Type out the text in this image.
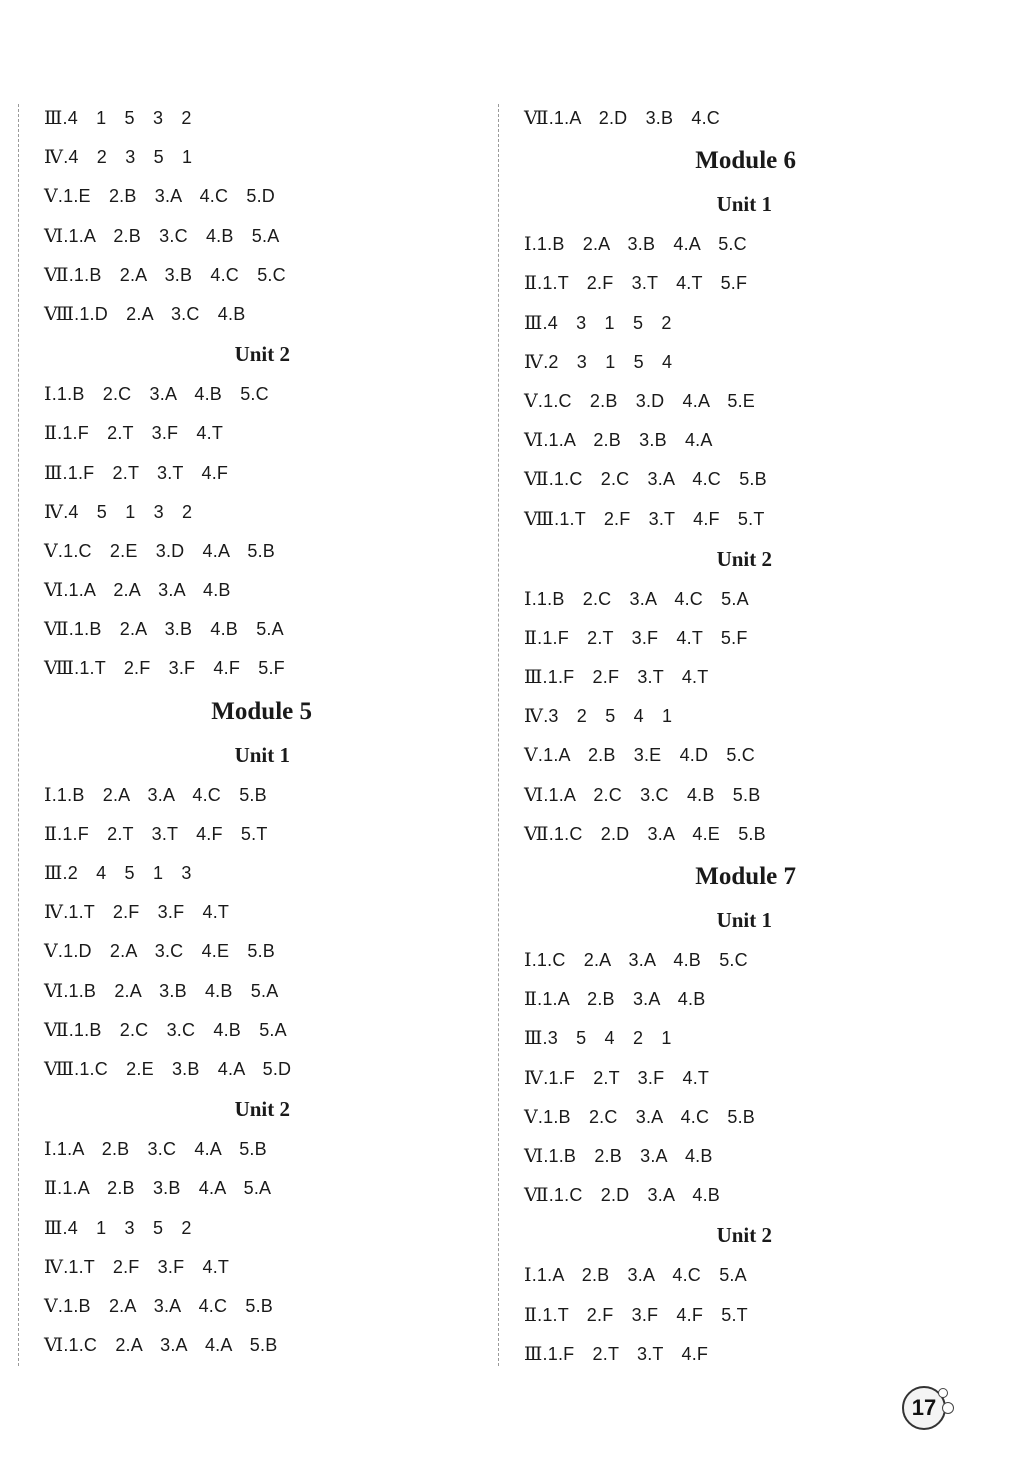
Ⅲ.4　1　5　3　2
Ⅳ.4　2　3　5　1
Ⅴ.1.E　2.B　3.A　4.C　5.D
Ⅵ.1.A　2.B　3.C　4.B　5.A
Ⅶ.1.B　2.A　3.B　4.C　5.C
Ⅷ.1.D　2.A　3.C　4.B
Unit 2
Ⅰ.1.B　2.C　3.A　4.B　5.C
Ⅱ.1.F　2.T　3.F　4.T
Ⅲ.1.F　2.T　3.T　4.F
Ⅳ.4　5　1　3　2
Ⅴ.1.C　2.E　3.D　4.A　5.B
Ⅵ.1.A　2.A　3.A　4.B
Ⅶ.1.B　2.A　3.B　4.B　5.A
Ⅷ.1.T　2.F　3.F　4.F　5.F
Module 5
Unit 1
Ⅰ.1.B　2.A　3.A　4.C　5.B
Ⅱ.1.F　2.T　3.T　4.F　5.T
Ⅲ.2　4　5　1　3
Ⅳ.1.T　2.F　3.F　4.T
Ⅴ.1.D　2.A　3.C　4.E　5.B
Ⅵ.1.B　2.A　3.B　4.B　5.A
Ⅶ.1.B　2.C　3.C　4.B　5.A
Ⅷ.1.C　2.E　3.B　4.A　5.D
Unit 2
Ⅰ.1.A　2.B　3.C　4.A　5.B
Ⅱ.1.A　2.B　3.B　4.A　5.A
Ⅲ.4　1　3　5　2
Ⅳ.1.T　2.F　3.F　4.T
Ⅴ.1.B　2.A　3.A　4.C　5.B
Ⅵ.1.C　2.A　3.A　4.A　5.B
Ⅶ.1.A　2.D　3.B　4.C
Module 6
Unit 1
Ⅰ.1.B　2.A　3.B　4.A　5.C
Ⅱ.1.T　2.F　3.T　4.T　5.F
Ⅲ.4　3　1　5　2
Ⅳ.2　3　1　5　4
Ⅴ.1.C　2.B　3.D　4.A　5.E
Ⅵ.1.A　2.B　3.B　4.A
Ⅶ.1.C　2.C　3.A　4.C　5.B
Ⅷ.1.T　2.F　3.T　4.F　5.T
Unit 2
Ⅰ.1.B　2.C　3.A　4.C　5.A
Ⅱ.1.F　2.T　3.F　4.T　5.F
Ⅲ.1.F　2.F　3.T　4.T
Ⅳ.3　2　5　4　1
Ⅴ.1.A　2.B　3.E　4.D　5.C
Ⅵ.1.A　2.C　3.C　4.B　5.B
Ⅶ.1.C　2.D　3.A　4.E　5.B
Module 7
Unit 1
Ⅰ.1.C　2.A　3.A　4.B　5.C
Ⅱ.1.A　2.B　3.A　4.B
Ⅲ.3　5　4　2　1
Ⅳ.1.F　2.T　3.F　4.T
Ⅴ.1.B　2.C　3.A　4.C　5.B
Ⅵ.1.B　2.B　3.A　4.B
Ⅶ.1.C　2.D　3.A　4.B
Unit 2
Ⅰ.1.A　2.B　3.A　4.C　5.A
Ⅱ.1.T　2.F　3.F　4.F　5.T
Ⅲ.1.F　2.T　3.T　4.F
17
